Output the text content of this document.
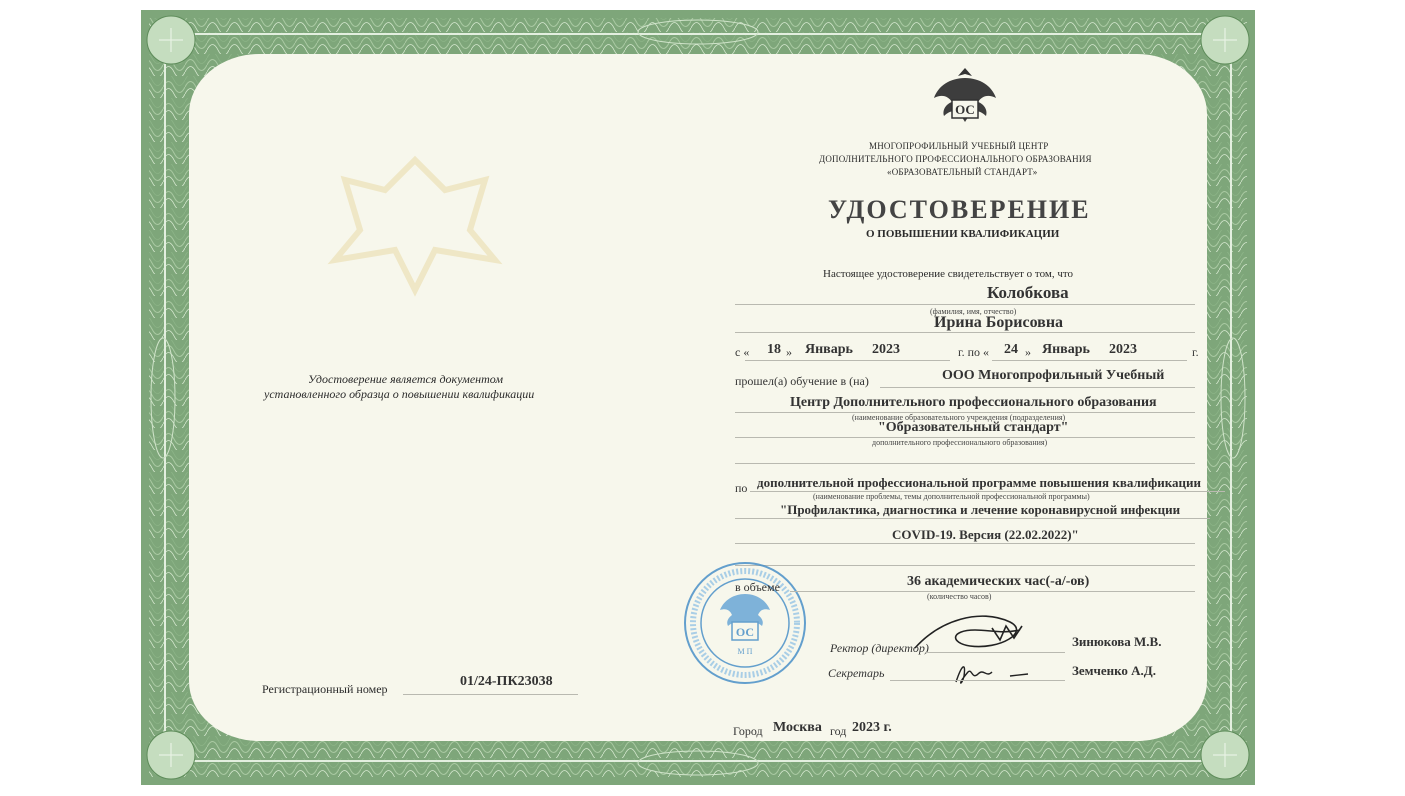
Удостоверение является документом
установленного образца о повышении квалификации
Регистрационный номер	01/24-ПК23038
ОС
МНОГОПРОФИЛЬНЫЙ УЧЕБНЫЙ ЦЕНТР
ДОПОЛНИТЕЛЬНОГО ПРОФЕССИОНАЛЬНОГО ОБРАЗОВАНИЯ
«ОБРАЗОВАТЕЛЬНЫЙ СТАНДАРТ»
УДОСТОВЕРЕНИЕ
О ПОВЫШЕНИИ КВАЛИФИКАЦИИ
Настоящее удостоверение свидетельствует о том, что
Колобкова
(фамилия, имя, отчество)
Ирина Борисовна
с « 18 » Январь 2023	г. по « 24 » Январь 2023	г.
прошел(а) обучение в (на)	ООО Многопрофильный Учебный
Центр Дополнительного профессионального образования
(наименование образовательного учреждения (подразделения)
"Образовательный стандарт"
дополнительного профессионального образования)
по дополнительной профессиональной программе повышения квалификации
(наименование проблемы, темы дополнительной профессиональной программы)
"Профилактика, диагностика и лечение коронавирусной инфекции
COVID-19. Версия (22.02.2022)"
ОС
М П
в объеме	36 академических час(-а/-ов)
(количество часов)
Ректор (директор)	Зинюкова М.В.
Секретарь	Земченко А.Д.
Город Москва год 2023 г.
